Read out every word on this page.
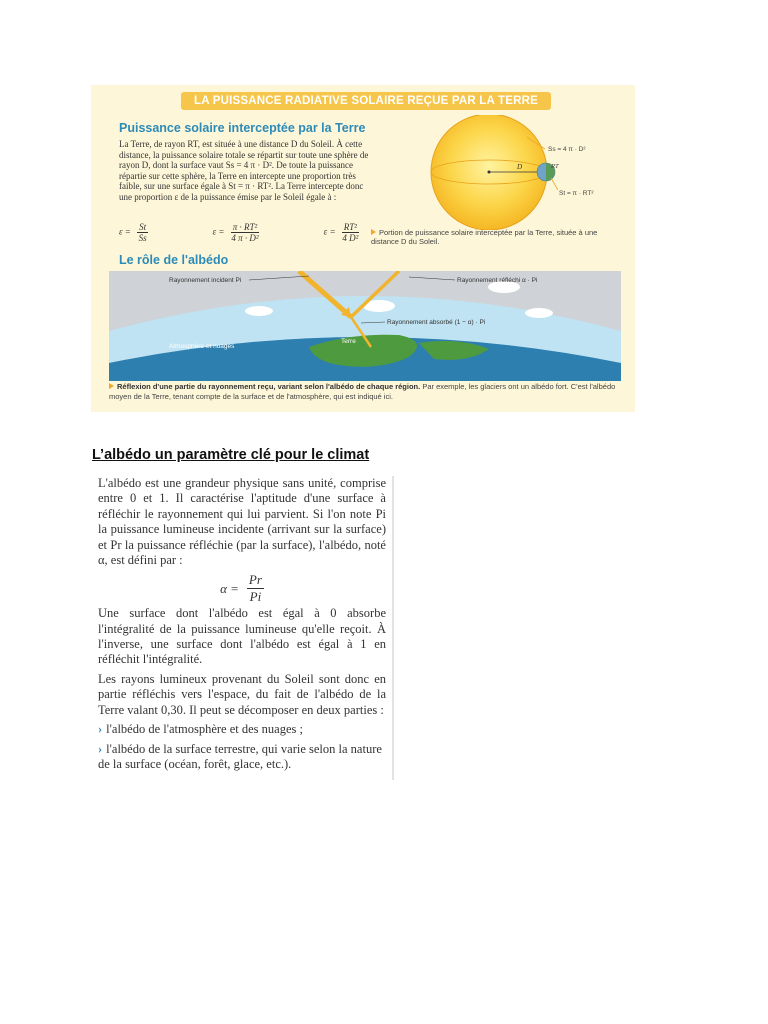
LA PUISSANCE RADIATIVE SOLAIRE REÇUE PAR LA TERRE
Puissance solaire interceptée par la Terre
La Terre, de rayon RT, est située à une distance D du Soleil. À cette distance, la puissance solaire totale se répartit sur toute une sphère de rayon D, dont la surface vaut Ss = 4 π · D². De toute la puissance répartie sur cette sphère, la Terre en intercepte une proportion très faible, sur une surface égale à St = π · RT². La Terre intercepte donc une proportion ε de la puissance émise par le Soleil égale à :
$\varepsilon = \frac{St}{Ss}$	$\varepsilon = \frac{\text{π · RT²}}{\text{4 π · D²}}$	$\varepsilon = \frac{\text{RT²}}{\text{4 D²}}$
D
Ss = 4 π · D²
RT
St = π · RT²
Portion de puissance solaire interceptée par la Terre, située à une distance D du Soleil.
Le rôle de l'albédo
Rayonnement incident Pi	Rayonnement réfléchi α · Pi
Rayonnement absorbé (1 − α) · Pi
Terre
Atmosphère et nuages
Réflexion d'une partie du rayonnement reçu, variant selon l'albédo de chaque région. Par exemple, les glaciers ont un albédo fort. C'est l'albédo moyen de la Terre, tenant compte de la surface et de l'atmosphère, qui est indiqué ici.
L’albédo un paramètre clé pour le climat

L'albédo est une grandeur physique sans unité, comprise entre 0 et 1. Il caractérise l'aptitude d'une surface à réfléchir le rayonnement qui lui parvient. Si l'on note Pi la puissance lumineuse incidente (arrivant sur la surface) et Pr la puissance réfléchie (par la surface), l'albédo, noté α, est défini par :

$\alpha = \frac{Pr}{Pi}$

Une surface dont l'albédo est égal à 0 absorbe l'intégralité de la puissance lumineuse qu'elle reçoit. À l'inverse, une surface dont l'albédo est égal à 1 en réfléchit l'intégralité.

Les rayons lumineux provenant du Soleil sont donc en partie réfléchis vers l'espace, du fait de l'albédo de la Terre valant 0,30. Il peut se décomposer en deux parties :

› l'albédo de l'atmosphère et des nuages ;
› l'albédo de la surface terrestre, qui varie selon la nature de la surface (océan, forêt, glace, etc.).
